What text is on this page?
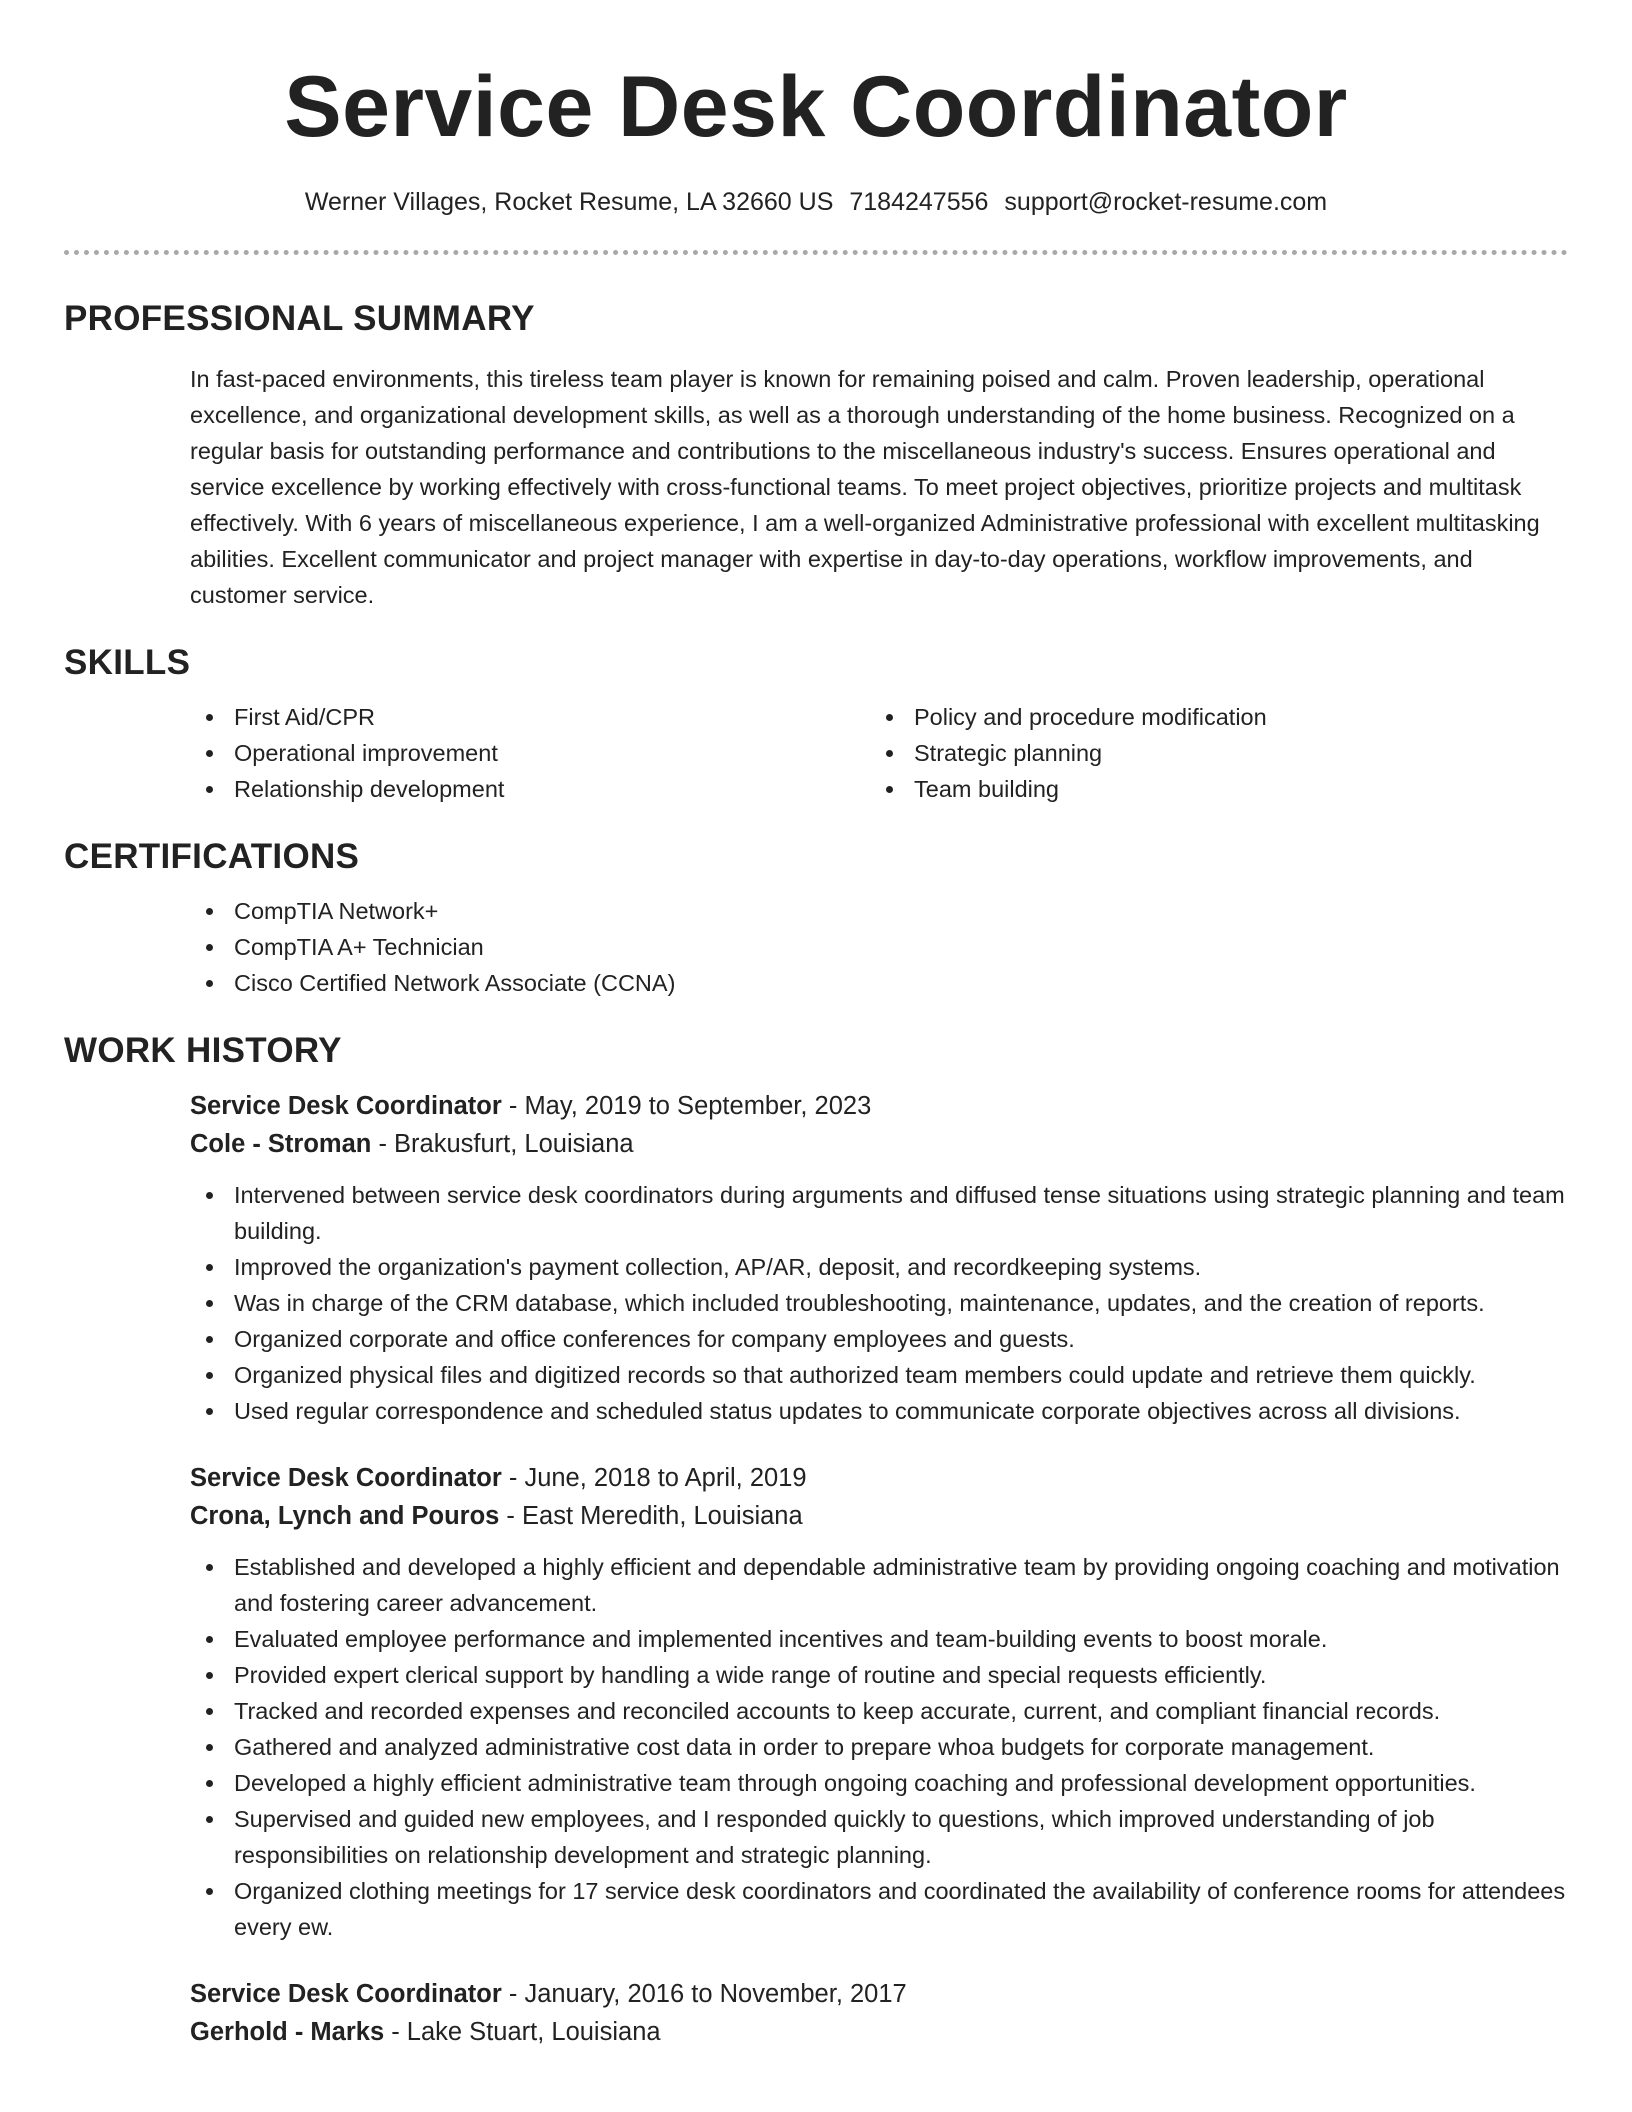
Service Desk Coordinator
Werner Villages, Rocket Resume, LA 32660 US 7184247556 support@rocket-resume.com
PROFESSIONAL SUMMARY

In fast-paced environments, this tireless team player is known for remaining poised and calm. Proven leadership, operational excellence, and organizational development skills, as well as a thorough understanding of the home business. Recognized on a regular basis for outstanding performance and contributions to the miscellaneous industry's success. Ensures operational and service excellence by working effectively with cross-functional teams. To meet project objectives, prioritize projects and multitask effectively. With 6 years of miscellaneous experience, I am a well-organized Administrative professional with excellent multitasking abilities. Excellent communicator and project manager with expertise in day-to-day operations, workflow improvements, and customer service.

SKILLS
First Aid/CPR
Operational improvement
Relationship development
Policy and procedure modification
Strategic planning
Team building
CERTIFICATIONS
CompTIA Network+
CompTIA A+ Technician
Cisco Certified Network Associate (CCNA)
WORK HISTORY
Service Desk Coordinator - May, 2019 to September, 2023
Cole - Stroman - Brakusfurt, Louisiana
Intervened between service desk coordinators during arguments and diffused tense situations using strategic planning and team building.
Improved the organization's payment collection, AP/AR, deposit, and recordkeeping systems.
Was in charge of the CRM database, which included troubleshooting, maintenance, updates, and the creation of reports.
Organized corporate and office conferences for company employees and guests.
Organized physical files and digitized records so that authorized team members could update and retrieve them quickly.
Used regular correspondence and scheduled status updates to communicate corporate objectives across all divisions.
Service Desk Coordinator - June, 2018 to April, 2019
Crona, Lynch and Pouros - East Meredith, Louisiana
Established and developed a highly efficient and dependable administrative team by providing ongoing coaching and motivation and fostering career advancement.
Evaluated employee performance and implemented incentives and team-building events to boost morale.
Provided expert clerical support by handling a wide range of routine and special requests efficiently.
Tracked and recorded expenses and reconciled accounts to keep accurate, current, and compliant financial records.
Gathered and analyzed administrative cost data in order to prepare whoa budgets for corporate management.
Developed a highly efficient administrative team through ongoing coaching and professional development opportunities.
Supervised and guided new employees, and I responded quickly to questions, which improved understanding of job responsibilities on relationship development and strategic planning.
Organized clothing meetings for 17 service desk coordinators and coordinated the availability of conference rooms for attendees every ew.
Service Desk Coordinator - January, 2016 to November, 2017
Gerhold - Marks - Lake Stuart, Louisiana
